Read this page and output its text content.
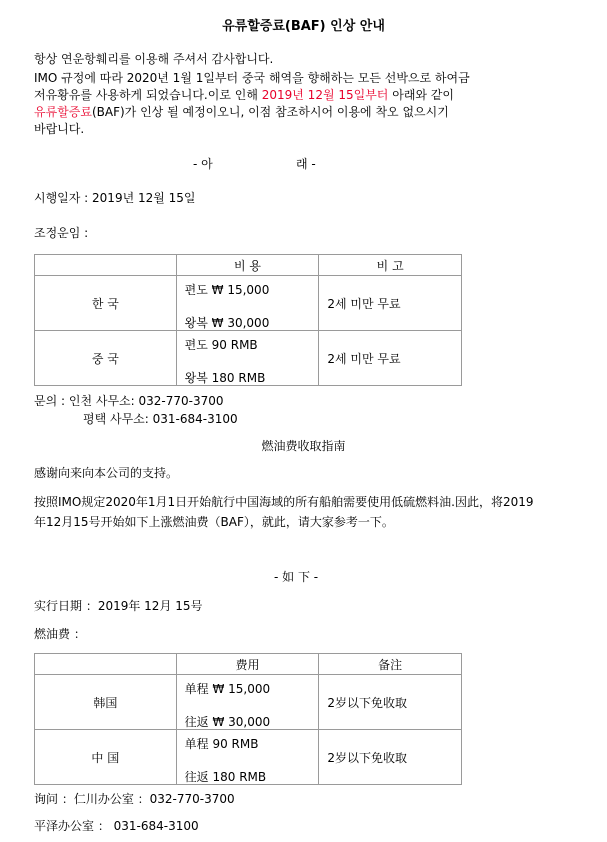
유류할증료(BAF) 인상 안내
항상 연운항훼리를 이용해 주셔서 감사합니다.
IMO 규정에 따라 2020년 1월 1일부터 중국 해역을 향해하는 모든 선박으로 하여금
저유황유를 사용하게 되었습니다.이로 인해 2019년 12월 15일부터 아래와 같이
유류할증료(BAF)가 인상 될 예정이오니, 이점 참조하시어 이용에 착오 없으시기
바랍니다.
- 아	래 -
시행일자 : 2019년 12월 15일
조정운임 :
	비 용	비 고
한 국	편도 ₩ 15,000
왕복 ₩ 30,000	2세 미만 무료
중 국	편도 90 RMB
왕복 180 RMB	2세 미만 무료
문의 : 인천 사무소: 032-770-3700
평택 사무소: 031-684-3100
燃油费收取指南
感谢向来向本公司的支持。
按照IMO规定2020年1月1日开始航行中国海域的所有船舶需要使用低硫燃料油.因此，将2019
年12月15号开始如下上涨燃油费（BAF），就此，请大家参考一下。
- 如 下 -
实行日期 ：2019年 12月 15号
燃油费 ：
	费用	备注
韩国	单程 ₩ 15,000
往返 ₩ 30,000	2岁以下免收取
中 国	单程 90 RMB
往返 180 RMB	2岁以下免收取
询问 ：仁川办公室 ：032-770-3700
平泽办公室 ： 031-684-3100
